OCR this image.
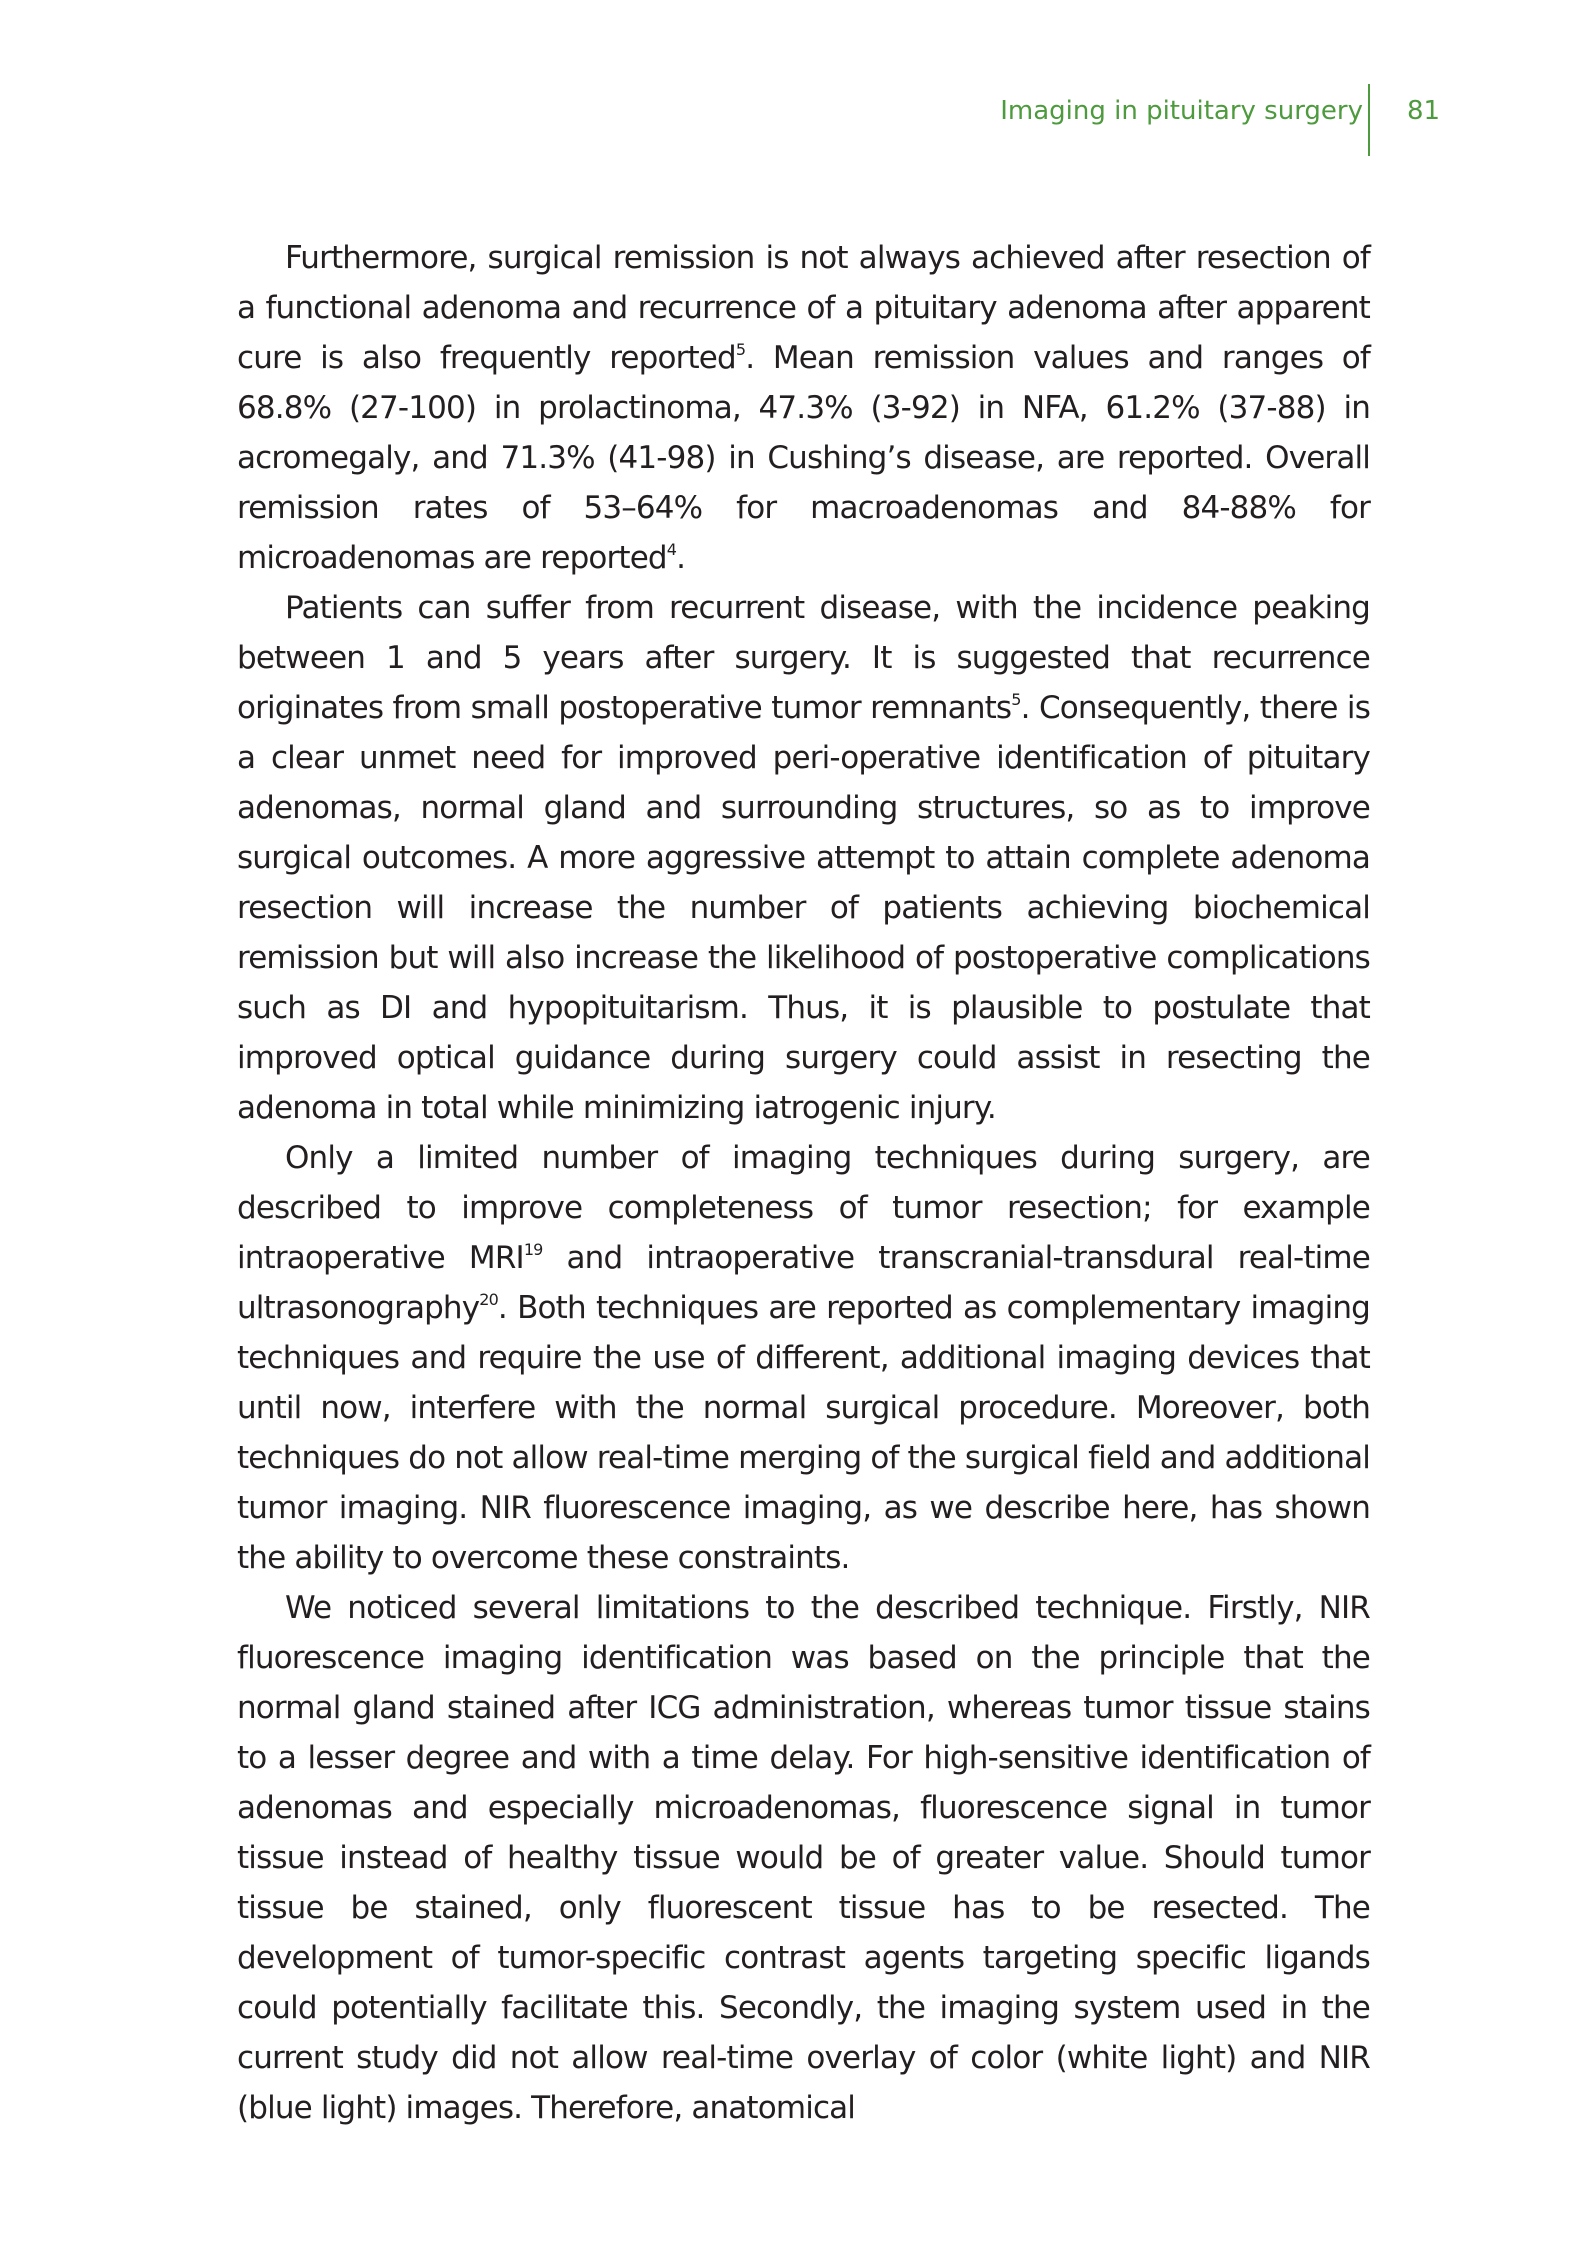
Imaging in pituitary surgery 81

Furthermore, surgical remission is not always achieved after resection of a functional adenoma and recurrence of a pituitary adenoma after apparent cure is also frequently reported$^5$. Mean remission values and ranges of 68.8% (27-100) in prolactinoma, 47.3% (3-92) in NFA, 61.2% (37-88) in acromegaly, and 71.3% (41-98) in Cushing’s disease, are reported. Overall remission rates of 53–64% for macroadenomas and 84-88% for microadenomas are reported$^4$.

Patients can suffer from recurrent disease, with the incidence peaking between 1 and 5 years after surgery. It is suggested that recurrence originates from small postoperative tumor remnants$^5$. Consequently, there is a clear unmet need for improved peri-operative identification of pituitary adenomas, normal gland and surrounding structures, so as to improve surgical outcomes. A more aggressive attempt to attain complete adenoma resection will increase the number of patients achieving biochemical remission but will also increase the likelihood of postoperative complications such as DI and hypopituitarism. Thus, it is plausible to postulate that improved optical guidance during surgery could assist in resecting the adenoma in total while minimizing iatrogenic injury.

Only a limited number of imaging techniques during surgery, are described to improve completeness of tumor resection; for example intraoperative MRI$^{19}$ and intraoperative transcranial-transdural real-time ultrasonography$^{20}$. Both techniques are reported as complementary imaging techniques and require the use of different, additional imaging devices that until now, interfere with the normal surgical procedure. Moreover, both techniques do not allow real-time merging of the surgical field and additional tumor imaging. NIR fluorescence imaging, as we describe here, has shown the ability to overcome these constraints.

We noticed several limitations to the described technique. Firstly, NIR fluorescence imaging identification was based on the principle that the normal gland stained after ICG administration, whereas tumor tissue stains to a lesser degree and with a time delay. For high-sensitive identification of adenomas and especially microadenomas, fluorescence signal in tumor tissue instead of healthy tissue would be of greater value. Should tumor tissue be stained, only fluorescent tissue has to be resected. The development of tumor-specific contrast agents targeting specific ligands could potentially facilitate this. Secondly, the imaging system used in the current study did not allow real-time overlay of color (white light) and NIR (blue light) images. Therefore, anatomical
